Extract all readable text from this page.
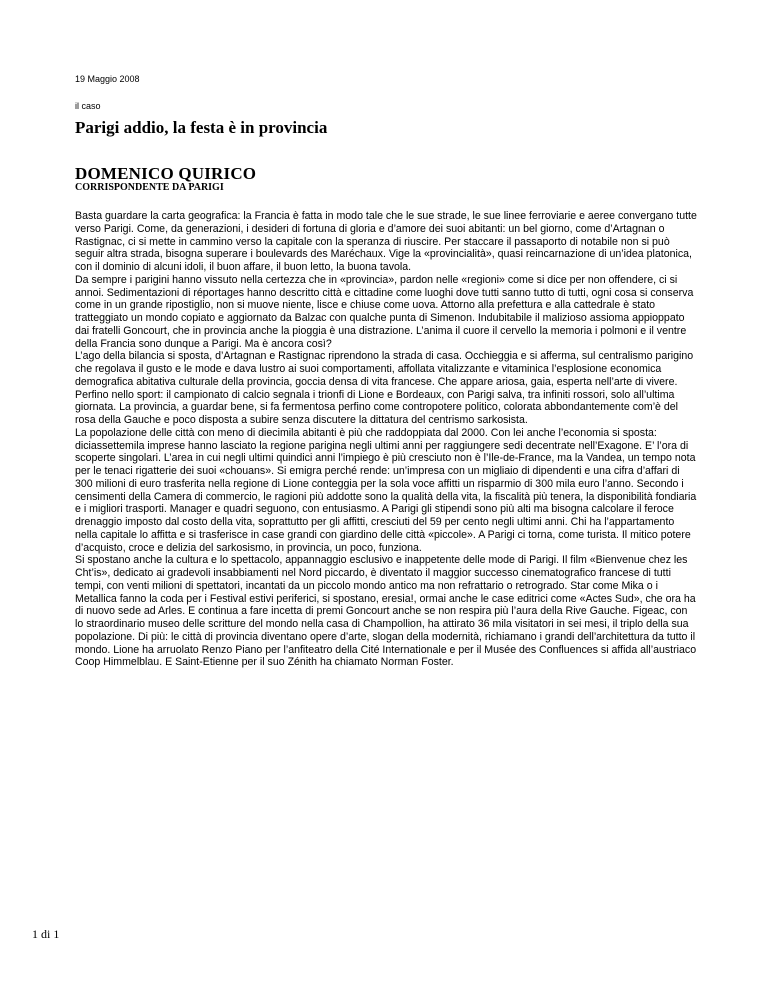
19 Maggio 2008
il caso
Parigi addio, la festa è in provincia
DOMENICO QUIRICO
CORRISPONDENTE DA PARIGI

Basta guardare la carta geografica: la Francia è fatta in modo tale che le sue strade, le sue linee ferroviarie e aeree convergano tutte verso Parigi. Come, da generazioni, i desideri di fortuna di gloria e d’amore dei suoi abitanti: un bel giorno, come d’Artagnan o Rastignac, ci si mette in cammino verso la capitale con la speranza di riuscire. Per staccare il passaporto di notabile non si può seguir altra strada, bisogna superare i boulevards des Maréchaux. Vige la «provincialità», quasi reincarnazione di un’idea platonica, con il dominio di alcuni idoli, il buon affare, il buon letto, la buona tavola.

Da sempre i parigini hanno vissuto nella certezza che in «provincia», pardon nelle «regioni» come si dice per non offendere, ci si annoi. Sedimentazioni di réportages hanno descritto città e cittadine come luoghi dove tutti sanno tutto di tutti, ogni cosa si conserva come in un grande ripostiglio, non si muove niente, lisce e chiuse come uova. Attorno alla prefettura e alla cattedrale è stato tratteggiato un mondo copiato e aggiornato da Balzac con qualche punta di Simenon. Indubitabile il malizioso assioma appioppato dai fratelli Goncourt, che in provincia anche la pioggia è una distrazione. L’anima il cuore il cervello la memoria i polmoni e il ventre della Francia sono dunque a Parigi. Ma è ancora così?

L’ago della bilancia si sposta, d’Artagnan e Rastignac riprendono la strada di casa. Occhieggia e si afferma, sul centralismo parigino che regolava il gusto e le mode e dava lustro ai suoi comportamenti, affollata vitalizzante e vitaminica l’esplosione economica demografica abitativa culturale della provincia, goccia densa di vita francese. Che appare ariosa, gaia, esperta nell’arte di vivere. Perfino nello sport: il campionato di calcio segnala i trionfi di Lione e Bordeaux, con Parigi salva, tra infiniti rossori, solo all’ultima giornata. La provincia, a guardar bene, si fa fermentosa perfino come contropotere politico, colorata abbondantemente com’è del rosa della Gauche e poco disposta a subire senza discutere la dittatura del centrismo sarkosista.

La popolazione delle città con meno di diecimila abitanti è più che raddoppiata dal 2000. Con lei anche l’economia si sposta: diciassettemila imprese hanno lasciato la regione parigina negli ultimi anni per raggiungere sedi decentrate nell’Exagone. E’ l’ora di scoperte singolari. L’area in cui negli ultimi quindici anni l’impiego è più cresciuto non è l’Ile-de-France, ma la Vandea, un tempo nota per le tenaci rigatterie dei suoi «chouans». Si emigra perché rende: un’impresa con un migliaio di dipendenti e una cifra d’affari di 300 milioni di euro trasferita nella regione di Lione conteggia per la sola voce affitti un risparmio di 300 mila euro l’anno. Secondo i censimenti della Camera di commercio, le ragioni più addotte sono la qualità della vita, la fiscalità più tenera, la disponibilità fondiaria e i migliori trasporti. Manager e quadri seguono, con entusiasmo. A Parigi gli stipendi sono più alti ma bisogna calcolare il feroce drenaggio imposto dal costo della vita, soprattutto per gli affitti, cresciuti del 59 per cento negli ultimi anni. Chi ha l’appartamento nella capitale lo affitta e si trasferisce in case grandi con giardino delle città «piccole». A Parigi ci torna, come turista. Il mitico potere d’acquisto, croce e delizia del sarkosismo, in provincia, un poco, funziona.

Si spostano anche la cultura e lo spettacolo, appannaggio esclusivo e inappetente delle mode di Parigi. Il film «Bienvenue chez les Cht’is», dedicato ai gradevoli insabbiamenti nel Nord piccardo, è diventato il maggior successo cinematografico francese di tutti tempi, con venti milioni di spettatori, incantati da un piccolo mondo antico ma non refrattario o retrogrado. Star come Mika o i Metallica fanno la coda per i Festival estivi periferici, si spostano, eresia!, ormai anche le case editrici come «Actes Sud», che ora ha di nuovo sede ad Arles. E continua a fare incetta di premi Goncourt anche se non respira più l’aura della Rive Gauche. Figeac, con lo straordinario museo delle scritture del mondo nella casa di Champollion, ha attirato 36 mila visitatori in sei mesi, il triplo della sua popolazione. Di più: le città di provincia diventano opere d’arte, slogan della modernità, richiamano i grandi dell’architettura da tutto il mondo. Lione ha arruolato Renzo Piano per l’anfiteatro della Cité Internationale e per il Musée des Confluences si affida all’austriaco Coop Himmelblau. E Saint-Etienne per il suo Zénith ha chiamato Norman Foster.

1 di 1
